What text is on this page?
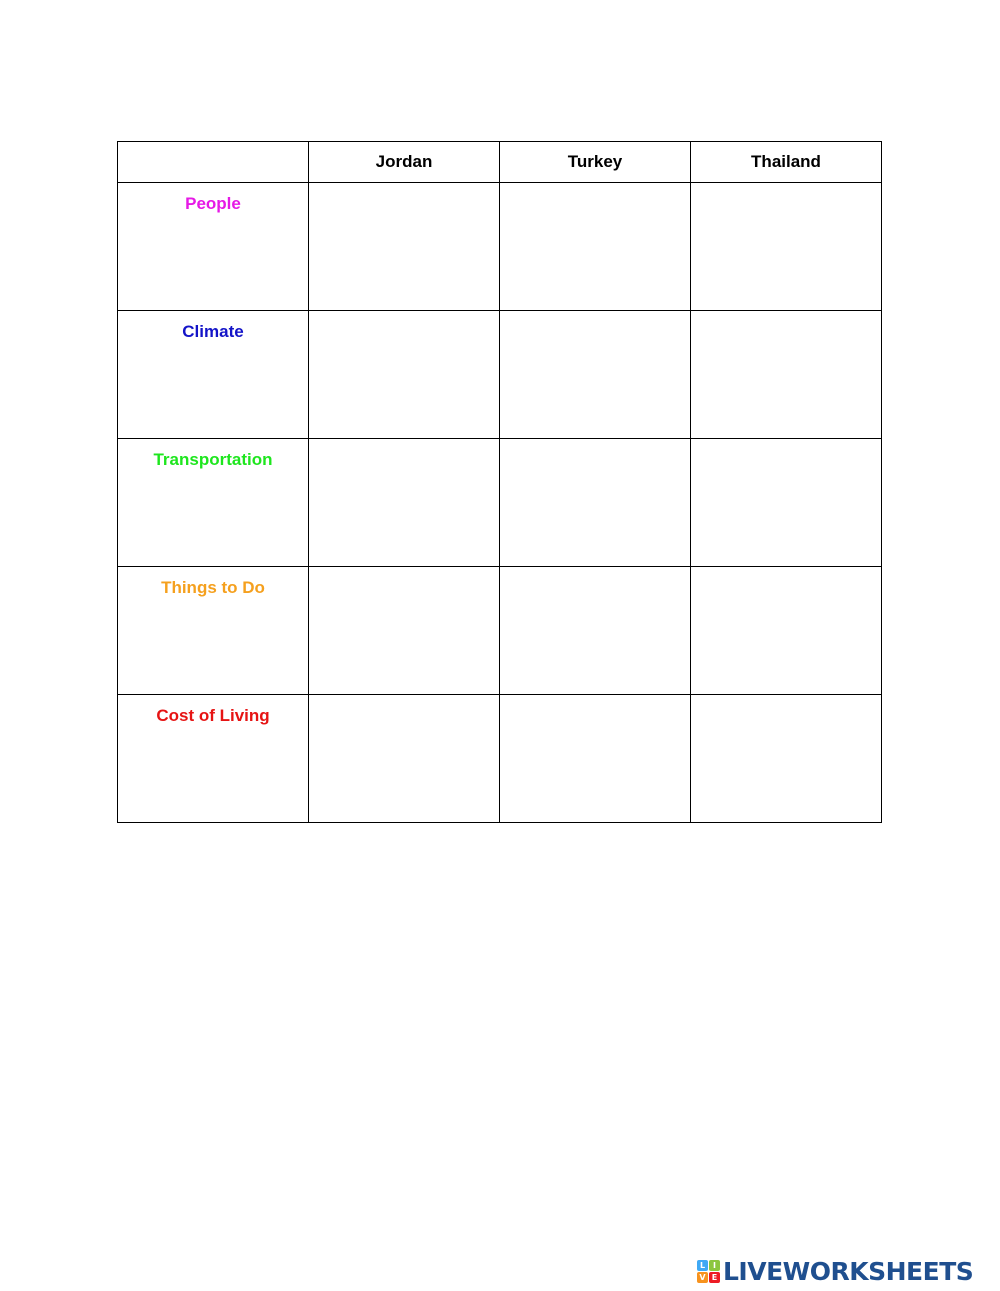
	Jordan	Turkey	Thailand

People

Climate

Transportation

Things to Do

Cost of Living

L I
V E LIVEWORKSHEETS
